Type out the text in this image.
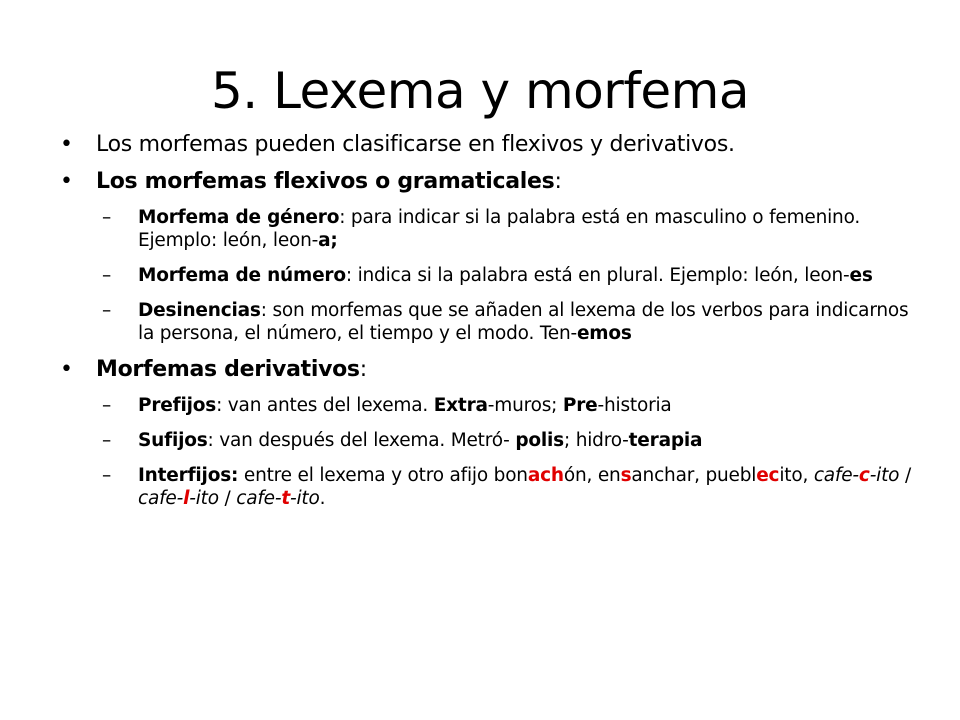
5. Lexema y morfema
• Los morfemas pueden clasificarse en flexivos y derivativos.
• Los morfemas flexivos o gramaticales:
– Morfema de género: para indicar si la palabra está en masculino o femenino. Ejemplo: león, leon-a;
– Morfema de número: indica si la palabra está en plural. Ejemplo: león, leon-es
– Desinencias: son morfemas que se añaden al lexema de los verbos para indicarnos la persona, el número, el tiempo y el modo. Ten-emos
• Morfemas derivativos:
– Prefijos: van antes del lexema. Extra-muros; Pre-historia
– Sufijos: van después del lexema. Metró- polis; hidro-terapia
– Interfijos: entre el lexema y otro afijo bonachón, ensanchar, pueblecito, cafe-c-ito / cafe-l-ito / cafe-t-ito.
